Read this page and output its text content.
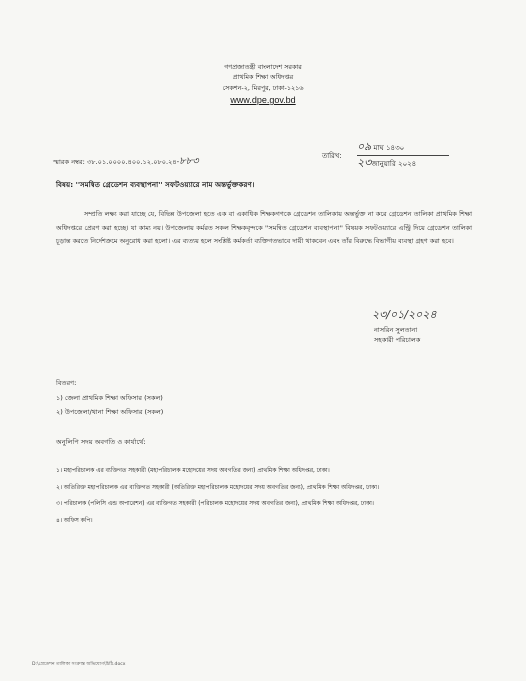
গণপ্রজাতন্ত্রী বাংলাদেশ সরকার
প্রাথমিক শিক্ষা অধিদপ্তর
সেকশন-২, মিরপুর, ঢাকা-১২১৬
www.dpe.gov.bd
স্মারক নম্বর: ৩৮.০১.০০০০.৪০০.১২.০৮০.২৪-৮৮৩	তারিখ:
০৯ মাঘ ১৪৩০
২৩জানুয়ারি ২০২৪
বিষয়: ''সমন্বিত গ্রেডেশন ব্যবস্থাপনা'' সফটওয়্যারে নাম অন্তর্ভুক্তকরণ।

সম্প্রতি লক্ষ্য করা যাচ্ছে যে, বিভিন্ন উপজেলা হতে এক বা একাধিক শিক্ষকগণকে গ্রেডেশন তালিকায় অন্তর্ভুক্ত না করে গ্রেডেশন তালিকা প্রাথমিক শিক্ষা অধিদপ্তরে প্রেরণ করা হচ্ছে। যা কাম্য নয়। উপজেলায় কর্মরত সকল শিক্ষকবৃন্দকে ''সমন্বিত গ্রেডেশন ব্যবস্থাপনা'' বিষয়ক সফটওয়্যারে এন্ট্রি দিয়ে গ্রেডেশন তালিকা চূড়ান্ত করতে নির্দেশক্রমে অনুরোধ করা হলো। এর ব্যত্যয় হলে সংশ্লিষ্ট কর্মকর্তা ব্যক্তিগতভাবে দায়ী থাকবেন এবং তাঁর বিরুদ্ধে বিভাগীয় ব্যবস্থা গ্রহণ করা হবে।

২৩/০১/২০২৪
নাসরিন সুলতানা
সহকারী পরিচালক
বিতরণ:
১) জেলা প্রাথমিক শিক্ষা অফিসার (সকল)
২) উপজেলা/থানা শিক্ষা অফিসার (সকল)
অনুলিপি সদয় অবগতি ও কার্যার্থে:
১। মহাপরিচালক এর ব্যক্তিগত সহকারী (মহাপরিচালক মহোদয়ের সদয় অবগতির জন্য) প্রাথমিক শিক্ষা অধিদপ্তর, ঢাকা।
২। অতিরিক্ত মহাপরিচালক এর ব্যক্তিগত সহকারী (অতিরিক্ত মহাপরিচালক মহোদয়ের সদয় অবগতির জন্য), প্রাথমিক শিক্ষা অধিদপ্তর, ঢাকা।
৩। পরিচালক (পলিসি এন্ড অপারেশন) এর ব্যক্তিগত সহকারী (পরিচালক মহোদয়ের সদয় অবগতির জন্য), প্রাথমিক শিক্ষা অধিদপ্তর, ঢাকা।
৪। অফিস কপি।
D:\গ্রেডেশন তালিকা সংক্রান্ত অভিযোগ\চিঠি.docx
